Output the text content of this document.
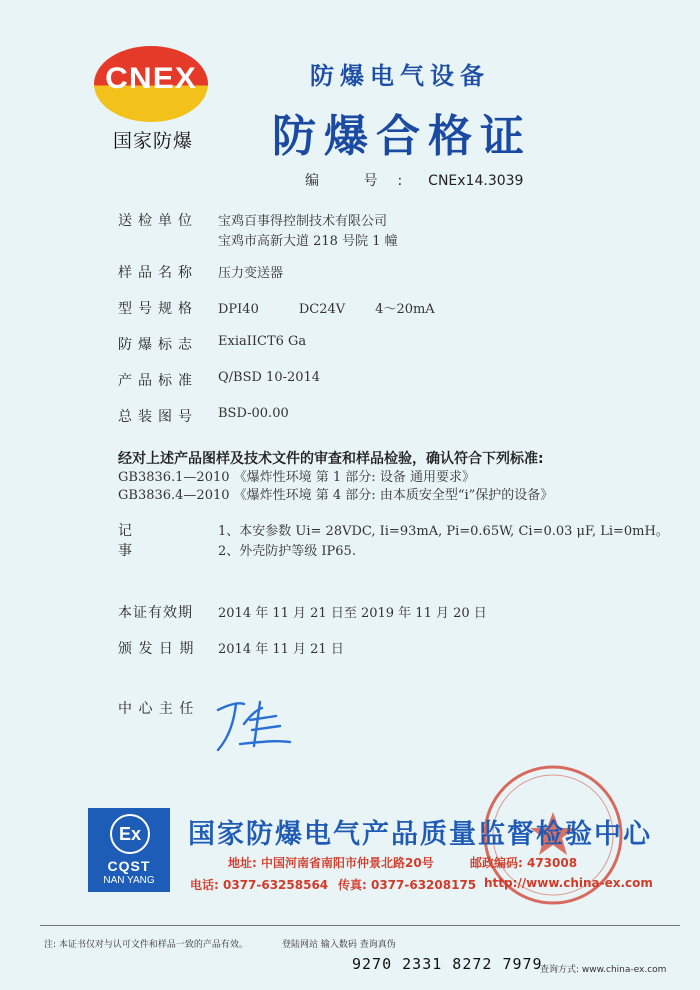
CNEX
国家防爆
防爆电气设备
防爆合格证
编 号: CNEx14.3039
送检单位	宝鸡百事得控制技术有限公司
宝鸡市高新大道 218 号院 1 幢
样品名称	压力变送器
型号规格	DPI40	DC24V 4～20mA
防爆标志	ExiaIICT6 Ga
产品标准	Q/BSD 10-2014
总装图号	BSD-00.00
经对上述产品图样及技术文件的审查和样品检验，确认符合下列标准:
GB3836.1—2010 《爆炸性环境 第 1 部分: 设备 通用要求》
GB3836.4—2010 《爆炸性环境 第 4 部分: 由本质安全型“i”保护的设备》
记 事
1、本安参数 Ui= 28VDC, Ii=93mA, Pi=0.65W, Ci=0.03 μF, Li=0mH。
2、外壳防护等级 IP65.
本证有效期	2014 年 11 月 21 日至 2019 年 11 月 20 日
颁 发 日 期	2014 年 11 月 21 日
中 心 主 任
Ex
CQST
NAN YANG
国家防爆电气产品质量监督检验中心
地址: 中国河南省南阳市仲景北路20号	邮政编码: 473008
电话: 0377-63258564 传真: 0377-63208175 http://www.china-ex.com
注: 本证书仅对与认可文件和样品一致的产品有效。	登陆网站 输入数码 查询真伪
9270 2331 8272 7979
查询方式: www.china-ex.com
